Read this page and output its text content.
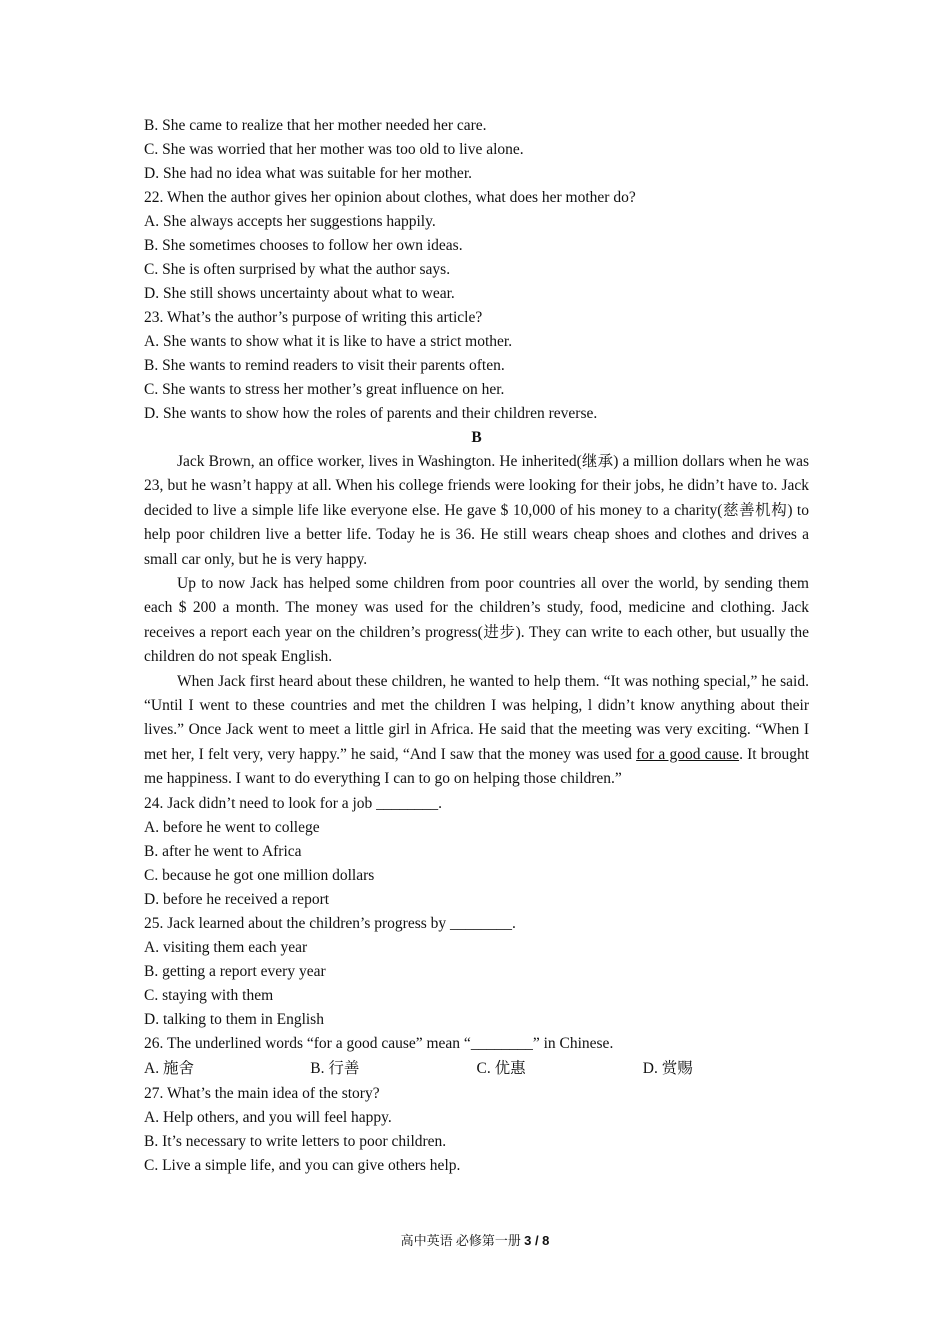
B. She came to realize that her mother needed her care.
C. She was worried that her mother was too old to live alone.
D. She had no idea what was suitable for her mother.
22. When the author gives her opinion about clothes, what does her mother do?
A. She always accepts her suggestions happily.
B. She sometimes chooses to follow her own ideas.
C. She is often surprised by what the author says.
D. She still shows uncertainty about what to wear.
23. What’s the author’s purpose of writing this article?
A. She wants to show what it is like to have a strict mother.
B. She wants to remind readers to visit their parents often.
C. She wants to stress her mother’s great influence on her.
D. She wants to show how the roles of parents and their children reverse.
B

Jack Brown, an office worker, lives in Washington. He inherited(继承) a million dollars when he was 23, but he wasn’t happy at all. When his college friends were looking for their jobs, he didn’t have to. Jack decided to live a simple life like everyone else. He gave $ 10,000 of his money to a charity(慈善机构) to help poor children live a better life. Today he is 36. He still wears cheap shoes and clothes and drives a small car only, but he is very happy.

Up to now Jack has helped some children from poor countries all over the world, by sending them each $ 200 a month. The money was used for the children’s study, food, medicine and clothing. Jack receives a report each year on the children’s progress(进步). They can write to each other, but usually the children do not speak English.

When Jack first heard about these children, he wanted to help them. “It was nothing special,” he said. “Until I went to these countries and met the children I was helping, l didn’t know anything about their lives.” Once Jack went to meet a little girl in Africa. He said that the meeting was very exciting. “When I met her, I felt very, very happy.” he said, “And I saw that the money was used for a good cause. It brought me happiness. I want to do everything I can to go on helping those children.”

24. Jack didn’t need to look for a job ________.
A. before he went to college
B. after he went to Africa
C. because he got one million dollars
D. before he received a report
25. Jack learned about the children’s progress by ________.
A. visiting them each year
B. getting a report every year
C. staying with them
D. talking to them in English
26. The underlined words “for a good cause” mean “________” in Chinese.
A. 施舍	B. 行善	C. 优惠	D. 赏赐
27. What’s the main idea of the story?
A. Help others, and you will feel happy.
B. It’s necessary to write letters to poor children.
C. Live a simple life, and you can give others help.
高中英语 必修第一册 3 / 8
